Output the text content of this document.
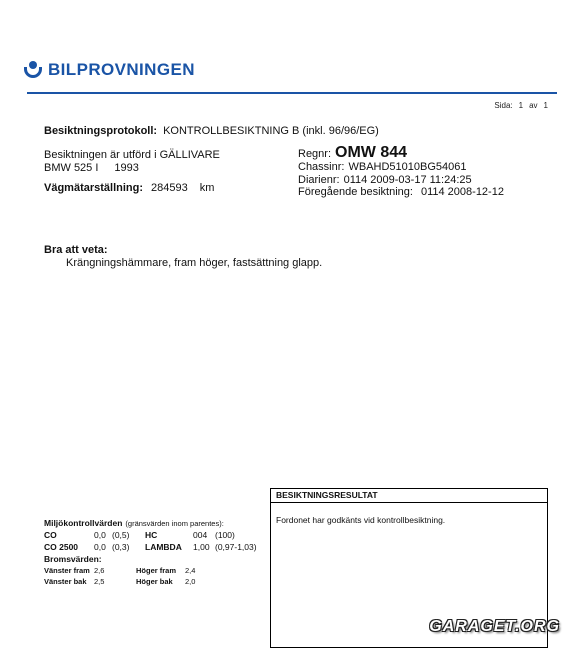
BILPROVNINGEN
Sida: 1 av 1
Besiktningsprotokoll: KONTROLLBESIKTNING B (inkl. 96/96/EG)
Besiktningen är utförd i GÄLLIVARE
BMW 525 I 1993
Vägmätarställning: 284593 km
Regnr: OMW 844
Chassinr: WBAHD51010BG54061
Diarienr: 0114 2009-03-17 11:24:25
Föregående besiktning: 0114 2008-12-12
Bra att veta:
Krängningshämmare, fram höger, fastsättning glapp.
Miljökontrollvärden (gränsvärden inom parentes):
CO	0,0 (0,5) HC	004 (100)
CO 2500 0,0 (0,3) LAMBDA 1,00 (0,97-1,03)
Bromsvärden:
Vänster fram 2,6	Höger fram 2,4
Vänster bak 2,5	Höger bak 2,0
BESIKTNINGSRESULTAT
Fordonet har godkänts vid kontrollbesiktning.
GARAGET.ORG
